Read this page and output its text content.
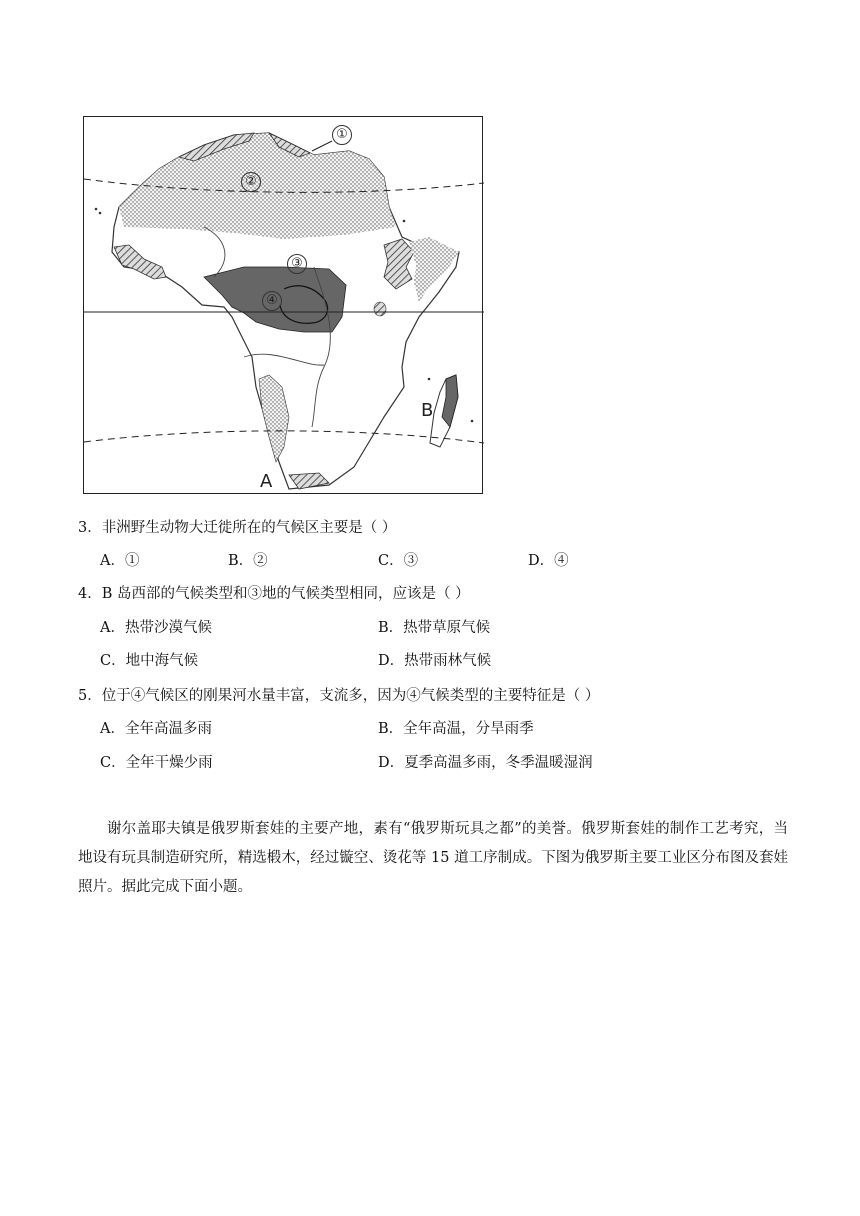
①
②
③
④
B
A
3．非洲野生动物大迁徙所在的气候区主要是（ ）
A．①	B．②	C．③	D．④
4．B 岛西部的气候类型和③地的气候类型相同，应该是（ ）
A．热带沙漠气候	B．热带草原气候
C．地中海气候	D．热带雨林气候
5．位于④气候区的刚果河水量丰富，支流多，因为④气候类型的主要特征是（ ）
A．全年高温多雨	B．全年高温，分旱雨季
C．全年干燥少雨	D．夏季高温多雨，冬季温暖湿润
谢尔盖耶夫镇是俄罗斯套娃的主要产地，素有“俄罗斯玩具之都”的美誉。俄罗斯套娃的制作工艺考究，当地设有玩具制造研究所，精选椴木，经过镟空、烫花等 15 道工序制成。下图为俄罗斯主要工业区分布图及套娃照片。据此完成下面小题。
